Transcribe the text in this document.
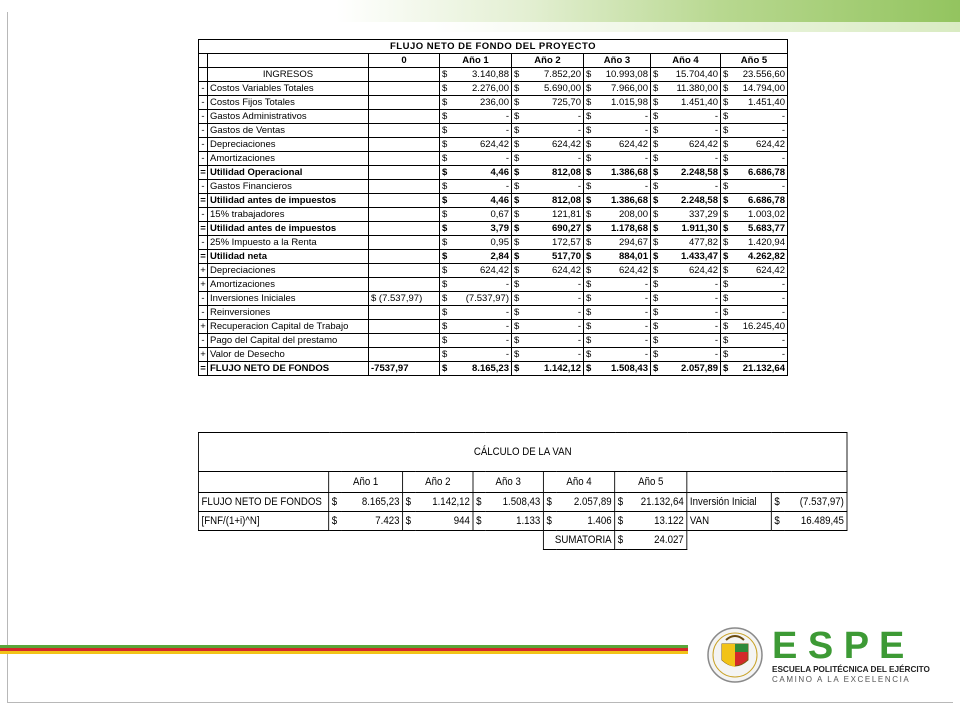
FLUJO NETO DE FONDO DEL PROYECTO												
		0	Año 1		Año 2		Año 3		Año 4		Año 5	
	INGRESOS		$	3.140,88	$	7.852,20	$	10.993,08	$	15.704,40	$	23.556,60
-	Costos Variables Totales		$	2.276,00	$	5.690,00	$	7.966,00	$	11.380,00	$	14.794,00
-	Costos Fijos Totales		$	236,00	$	725,70	$	1.015,98	$	1.451,40	$	1.451,40
-	Gastos Administrativos		$	-	$	-	$	-	$	-	$	-
-	Gastos de Ventas		$	-	$	-	$	-	$	-	$	-
-	Depreciaciones		$	624,42	$	624,42	$	624,42	$	624,42	$	624,42
-	Amortizaciones		$	-	$	-	$	-	$	-	$	-
=	Utilidad Operacional		$	4,46	$	812,08	$	1.386,68	$	2.248,58	$	6.686,78
-	Gastos Financieros		$	-	$	-	$	-	$	-	$	-
=	Utilidad antes de impuestos		$	4,46	$	812,08	$	1.386,68	$	2.248,58	$	6.686,78
-	15% trabajadores		$	0,67	$	121,81	$	208,00	$	337,29	$	1.003,02
=	Utilidad antes de impuestos		$	3,79	$	690,27	$	1.178,68	$	1.911,30	$	5.683,77
-	25% Impuesto a la Renta		$	0,95	$	172,57	$	294,67	$	477,82	$	1.420,94
=	Utilidad neta		$	2,84	$	517,70	$	884,01	$	1.433,47	$	4.262,82
+	Depreciaciones		$	624,42	$	624,42	$	624,42	$	624,42	$	624,42
+	Amortizaciones		$	-	$	-	$	-	$	-	$	-
-	Inversiones Iniciales	$ (7.537,97)	$	(7.537,97)	$	-	$	-	$	-	$	-
-	Reinversiones		$	-	$	-	$	-	$	-	$	-
+	Recuperacion Capital de Trabajo		$	-	$	-	$	-	$	-	$	16.245,40
-	Pago del Capital del prestamo		$	-	$	-	$	-	$	-	$	-
+	Valor de Desecho		$	-	$	-	$	-	$	-	$	-
=	FLUJO NETO DE FONDOS	-7537,97	$	8.165,23	$	1.142,12	$	1.508,43	$	2.057,89	$	21.132,64
CÁLCULO DE LA VAN													
	Año 1		Año 2		Año 3		Año 4		Año 5				
FLUJO NETO DE FONDOS	$	8.165,23	$	1.142,12	$	1.508,43	$	2.057,89	$	21.132,64	Inversión Inicial	$	(7.537,97)
[FNF/(1+i)^N]	$	7.423	$	944	$	1.133	$	1.406	$	13.122	VAN	$	16.489,45
							SUMATORIA		$	24.027			
E S P E
ESCUELA POLITÉCNICA DEL EJÉRCITO
CAMINO A LA EXCELENCIA
